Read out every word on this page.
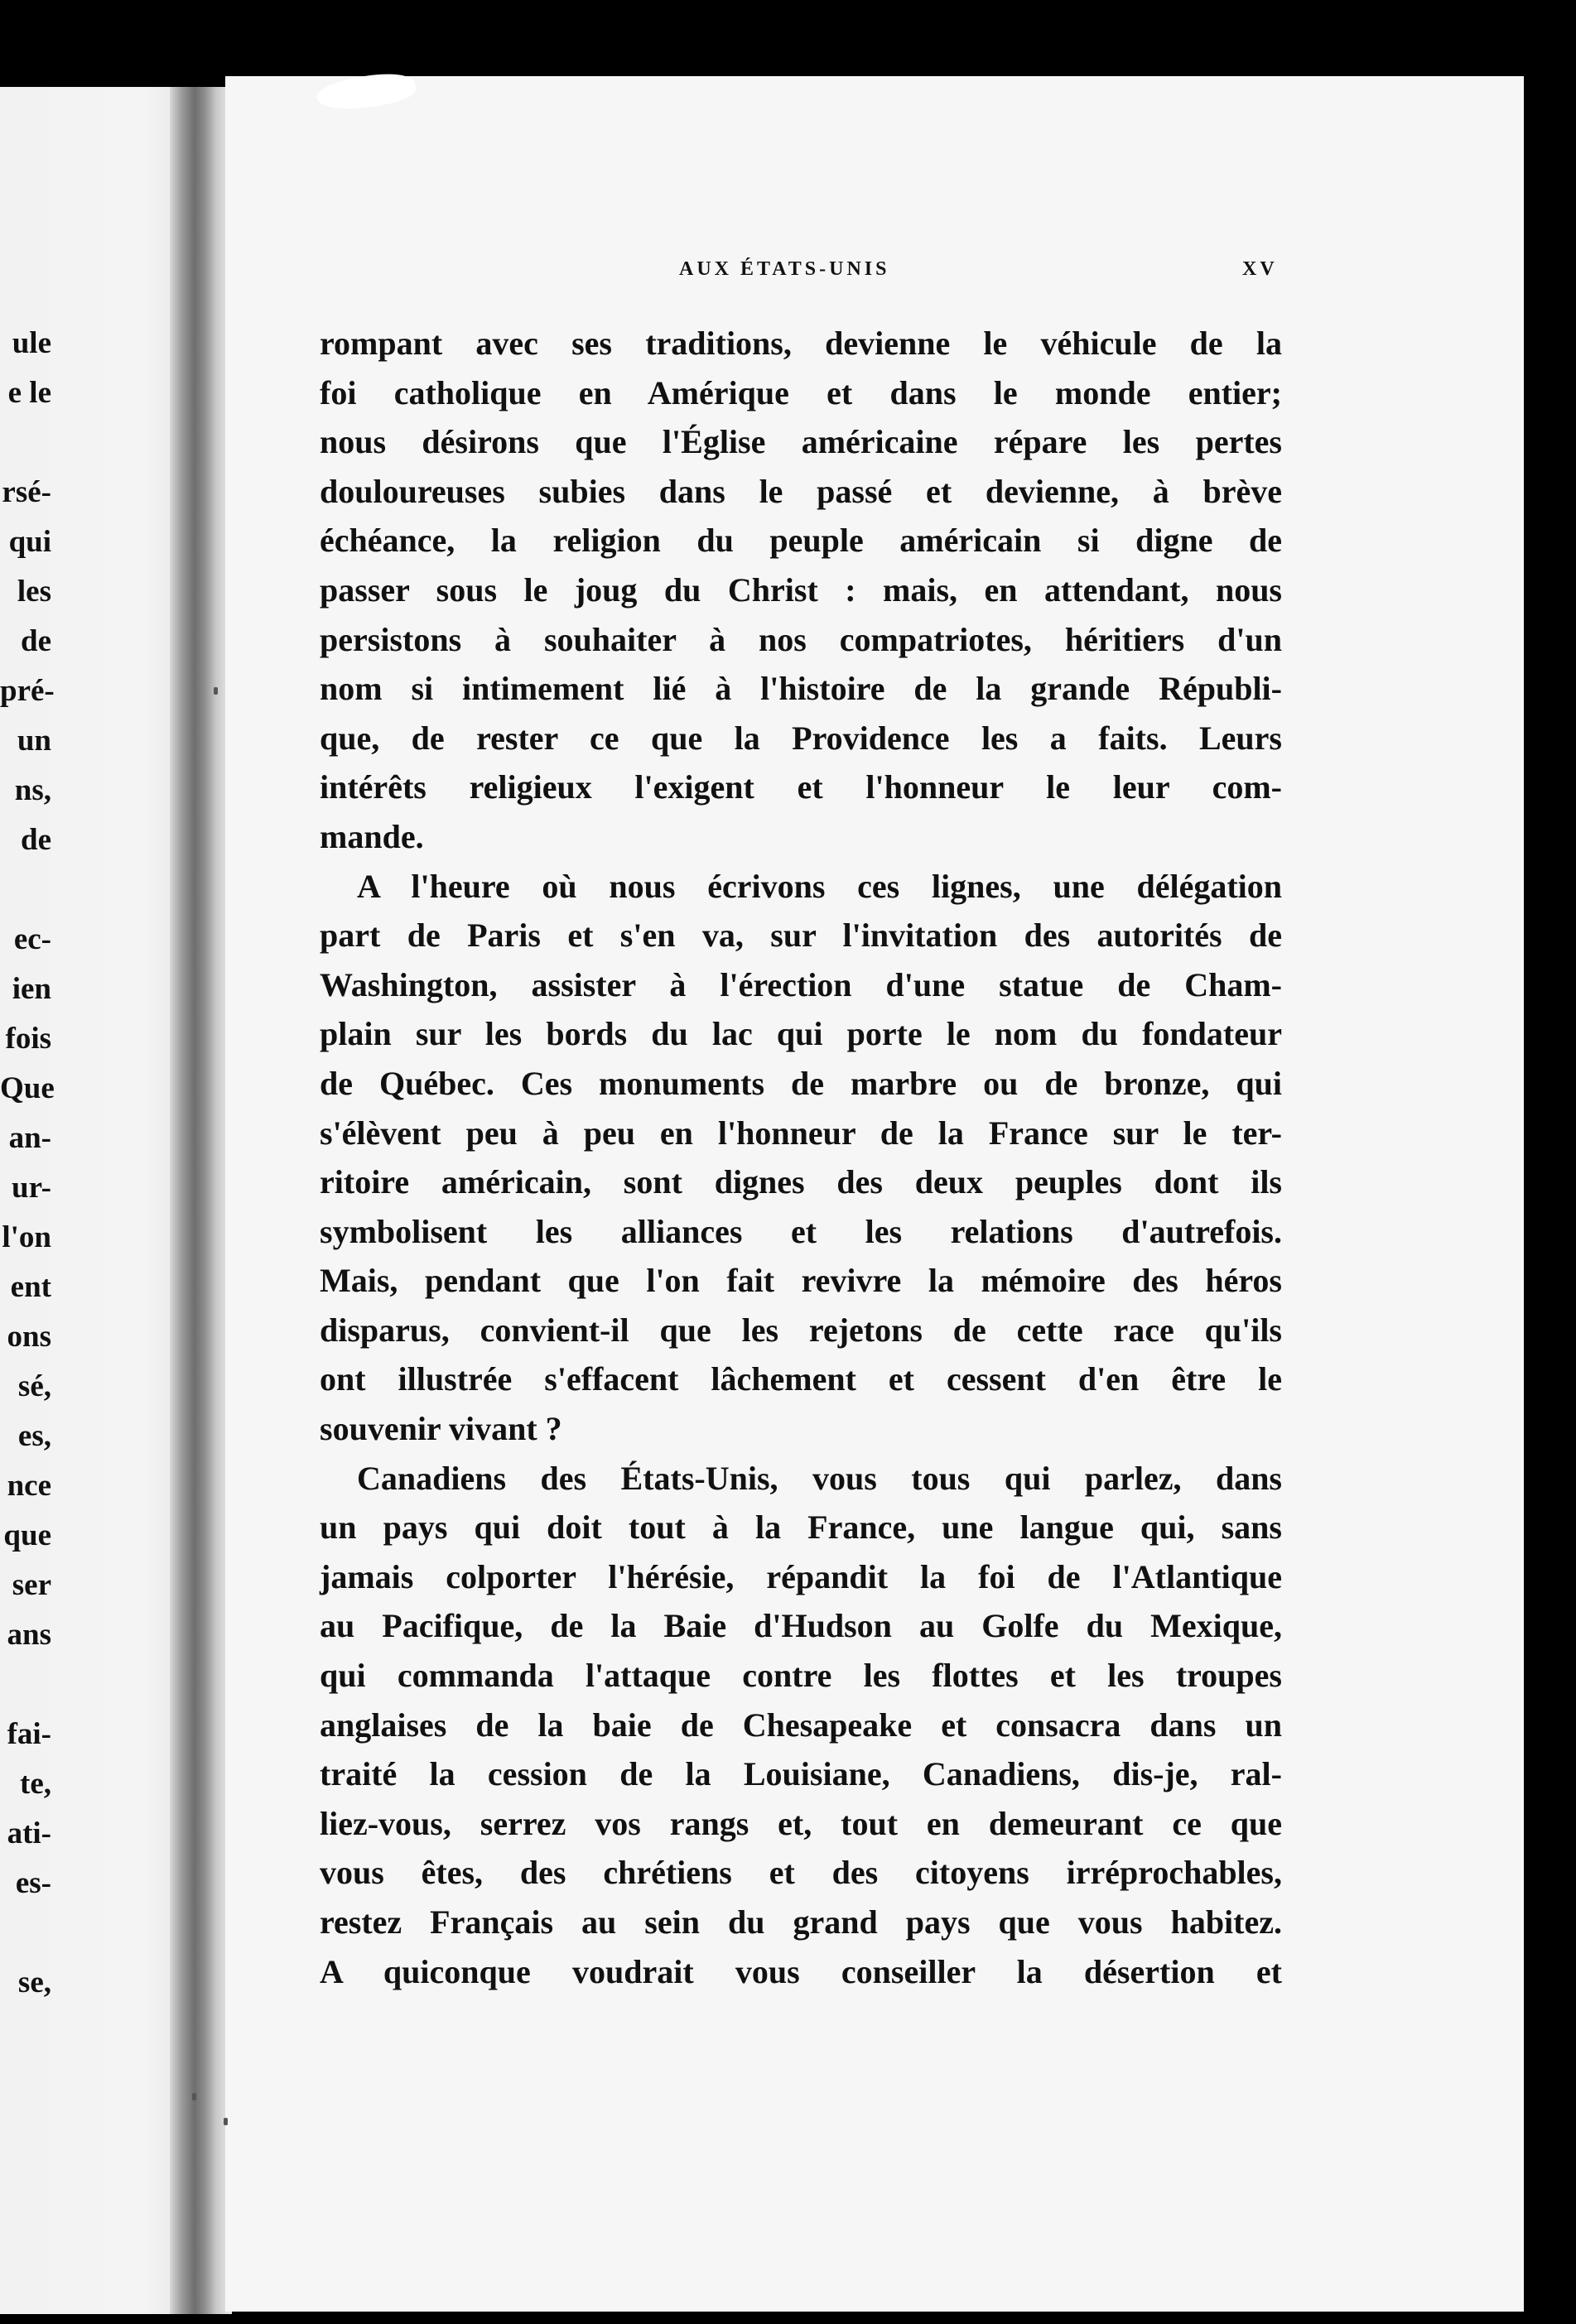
ule
e le
rsé-
qui
les
de
pré-
un
ns,
de
ec-
ien
fois
Que
an-
ur-
l'on
ent
ons
sé,
es,
nce
que
ser
ans
fai-
te,
ati-
es-
se,
AUX ÉTATS-UNIS	XV
rompant avec ses traditions, devienne le véhicule de la
foi catholique en Amérique et dans le monde entier;
nous désirons que l'Église américaine répare les pertes
douloureuses subies dans le passé et devienne, à brève
échéance, la religion du peuple américain si digne de
passer sous le joug du Christ : mais, en attendant, nous
persistons à souhaiter à nos compatriotes, héritiers d'un
nom si intimement lié à l'histoire de la grande Républi-
que, de rester ce que la Providence les a faits. Leurs
intérêts religieux l'exigent et l'honneur le leur com-
mande.
A l'heure où nous écrivons ces lignes, une délégation
part de Paris et s'en va, sur l'invitation des autorités de
Washington, assister à l'érection d'une statue de Cham-
plain sur les bords du lac qui porte le nom du fondateur
de Québec. Ces monuments de marbre ou de bronze, qui
s'élèvent peu à peu en l'honneur de la France sur le ter-
ritoire américain, sont dignes des deux peuples dont ils
symbolisent les alliances et les relations d'autrefois.
Mais, pendant que l'on fait revivre la mémoire des héros
disparus, convient-il que les rejetons de cette race qu'ils
ont illustrée s'effacent lâchement et cessent d'en être le
souvenir vivant ?
Canadiens des États-Unis, vous tous qui parlez, dans
un pays qui doit tout à la France, une langue qui, sans
jamais colporter l'hérésie, répandit la foi de l'Atlantique
au Pacifique, de la Baie d'Hudson au Golfe du Mexique,
qui commanda l'attaque contre les flottes et les troupes
anglaises de la baie de Chesapeake et consacra dans un
traité la cession de la Louisiane, Canadiens, dis-je, ral-
liez-vous, serrez vos rangs et, tout en demeurant ce que
vous êtes, des chrétiens et des citoyens irréprochables,
restez Français au sein du grand pays que vous habitez.
A quiconque voudrait vous conseiller la désertion et
